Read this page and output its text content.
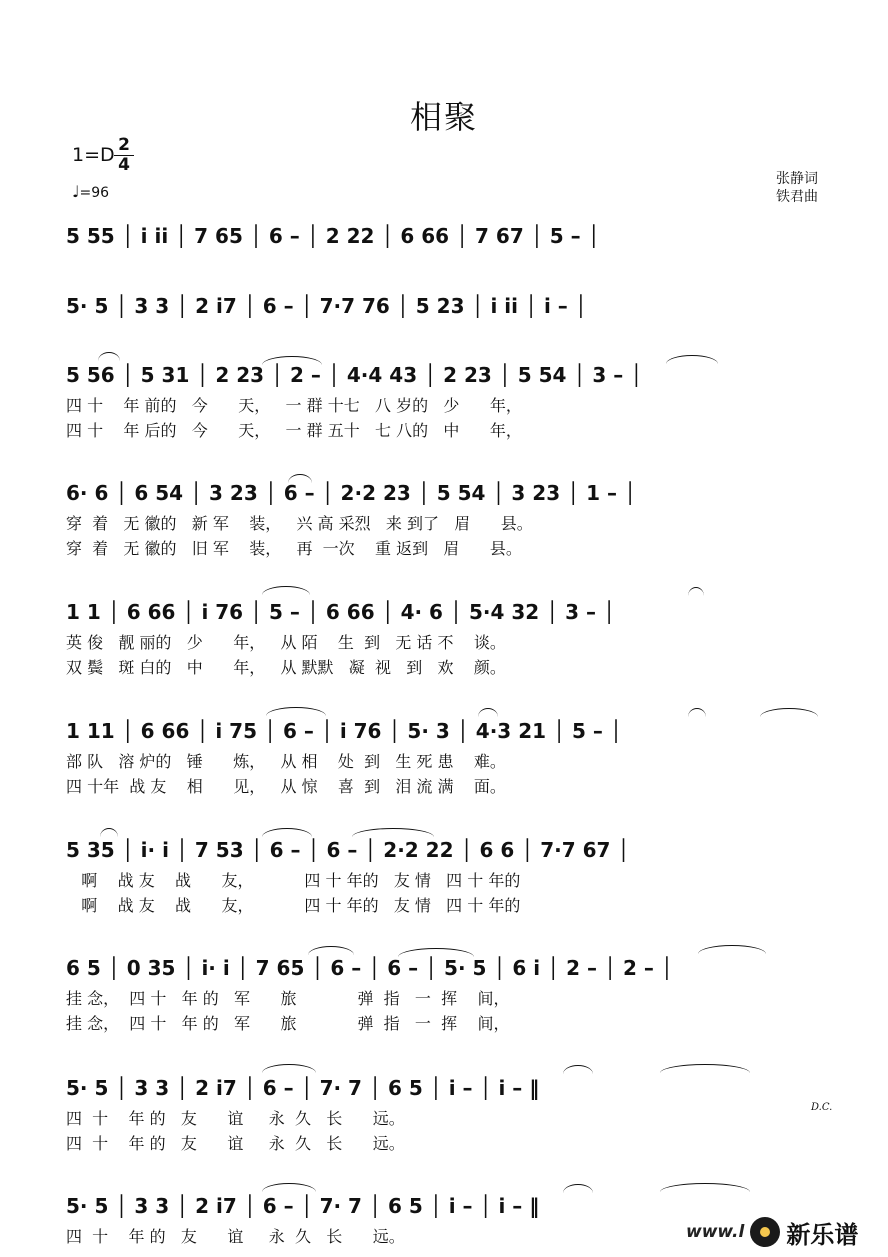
相聚
$1=D \frac{2}{4}$
♩=96
张静词
铁君曲
5 55 │ i ii │ 7 65 │ 6 – │ 2 22 │ 6 66 │ 7 67 │ 5 – │
5· 5 │ 3 3 │ 2 i7 │ 6 – │ 7·7 76 │ 5 23 │ i ii │ i – │
5 56 │ 5 31 │ 2 23 │ 2 – │ 4·4 43 │ 2 23 │ 5 54 │ 3 – │
四 十    年 前的   今      天，   一 群 十七   八 岁的   少      年，
四 十    年 后的   今      天，   一 群 五十   七 八的   中      年，
6· 6 │ 6 54 │ 3 23 │ 6 – │ 2·2 23 │ 5 54 │ 3 23 │ 1 – │
穿  着   无 徽的   新 军    装，   兴 高 采烈   来 到了   眉      县。
穿  着   无 徽的   旧 军    装，   再  一次    重 返到   眉      县。
1 1 │ 6 66 │ i 76 │ 5 – │ 6 66 │ 4· 6 │ 5·4 32 │ 3 – │
英 俊   靓 丽的   少      年，   从 陌    生  到   无 话 不    谈。
双 鬓   斑 白的   中      年，   从 默默   凝  视   到   欢    颜。
1 11 │ 6 66 │ i 75 │ 6 – │ i 76 │ 5· 3 │ 4·3 21 │ 5 – │
部 队   溶 炉的   锤      炼，   从 相    处  到   生 死 患    难。
四 十年  战 友    相      见，   从 惊    喜  到   泪 流 满    面。
5 35 │ i· i │ 7 53 │ 6 – │ 6 – │ 2·2 22 │ 6 6 │ 7·7 67 │
啊    战 友    战      友，          四 十 年的   友 情   四 十 年的
啊    战 友    战      友，          四 十 年的   友 情   四 十 年的
6 5 │ 0 35 │ i· i │ 7 65 │ 6 – │ 6 – │ 5· 5 │ 6 i │ 2 – │ 2 – │
挂 念，  四 十   年 的   军      旅            弹  指   一  挥    间，
挂 念，  四 十   年 的   军      旅            弹  指   一  挥    间，
5· 5 │ 3 3 │ 2 i7 │ 6 – │ 7· 7 │ 6 5 │ i – │ i – ‖
四  十    年 的   友      谊     永  久   长      远。
四  十    年 的   友      谊     永  久   长      远。
5· 5 │ 3 3 │ 2 i7 │ 6 – │ 7· 7 │ 6 5 │ i – │ i – ‖
四  十    年 的   友      谊     永  久   长      远。
D.C.
www.l 新乐谱
